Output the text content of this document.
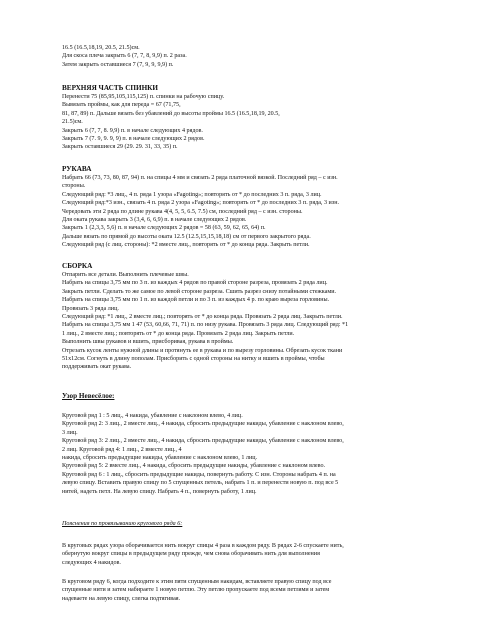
16.5 (16.5,18,19, 20.5, 21.5)см.

Для скоса плеча закрыть 6 (7, 7, 8, 9,9) п. 2 раза.

Затем закрыть оставшиеся 7 (7, 9, 9, 9,9) п.

ВЕРХНЯЯ ЧАСТЬ СПИНКИ

Перенести 75 (85,95,105,115,125) п. спинки на рабочую спицу.

Вывязать проймы, как для переда = 67 (71,75,

81, 87, 89) п. Дальше вязать без убавлений до высоты проймы 16.5 (16.5,18,19, 20.5,

21.5)см.

Закрыть 6 (7, 7, 8. 9,9) п. в начале следующих 4 рядов.

Закрыть 7 (7. 9, 9. 9, 9) п. в начале следующих 2 рядов.

Закрыть оставшиеся 29 (29. 29. 31, 33, 35) п.

РУКАВА

Набрать 66 (73, 73, 80, 87, 94) п. на спицы 4 мм и связать 2 ряда платочной вязкой. Последний ряд – с изн.

стороны.

Следующий ряд: *3 лиц., 4 п. ряда 1 узора «Fagoting»; повторять от * до последних 3 п. ряда, 3 лиц.

Следующий ряд:*3 изн., связать 4 п. ряда 2 узора «Fagoting»; повторять от * до последних 3 п. ряда, 3 изн.

Чередовать эти 2 ряда по длине рукава 4(4, 5, 5, 6.5, 7.5) см, последний ряд – с изн. стороны.

Для оката рукава закрыть 3 (3,4, 6, 6,9) п. в начале следующих 2 рядов.

Закрыть 1 (2,3,3, 5,6) п. в начале следующих 2 рядов = 58 (63, 59, 62, 65, 64) п.

Дальше вязать по прямой до высоты оката 12.5 (12.5,15,15,18,18) см от первого закрытого ряда.

Следующий ряд (с лиц. стороны): *2 вместе лиц., повторять от * до конца ряда. Закрыть петли.

СБОРКА

Отпарить все детали. Выполнить плечевые швы.

Набрать на спицы 3,75 мм по 3 п. из каждых 4 рядов по правой стороне разреза, провязать 2 ряда лиц.

Закрыть петли. Сделать то же самое по левой стороне разреза. Сшить разрез снизу потайными стежками.

Набрать на спицы 3,75 мм по 1 п. из каждой петли и по 3 п. из каждых 4 р. по краю выреза горловины.

Провязать 3 ряда лиц.

Следующий ряд: *1 лиц., 2 вместе лиц.; повторять от * до конца ряда. Провязать 2 ряда лиц. Закрыть петли.

Набрать на спицы 3,75 мм 1 47 (53, 60,66, 71, 71) п. по низу рукава. Провязать 3 ряда лиц. Следующий ряд: *1

1 лиц., 2 вместе лиц.; повторять от * до конца ряда. Провязать 2 ряда лиц. Закрыть петли.

Выполнить швы рукавов и вшить, присборивая, рукава в проймы.

Отрезать кусок ленты нужной длины и протянуть ее в рукава и по вырезу горловины. Обрезать кусок ткани

51х12см. Согнуть в длину пополам. Присборить с одной стороны на нитку и вшить в проймы, чтобы

поддерживать окат рукава.

Узор Невесёлое:

Круговой ряд 1 : 5 лиц., 4 накида, убавление с наклоном влево, 4 лиц.

Круговой ряд 2: 3 лиц., 2 вместе лиц., 4 накида, сбросить предыдущие накиды, убавление с наклоном влево,

3 лиц.

Круговой ряд 3: 2 лиц., 2 вместе лиц., 4 накида, сбросить предыдущие накиды, убавление с наклоном влево,

2 лиц. Круговой ряд 4: 1 лиц., 2 вместе лиц., 4

накида, сбросить предыдущие накиды, убавление с наклоном влево, 1 лиц.

Круговой ряд 5: 2 вместе лиц., 4 накида, сбросить предыдущие накиды, убавление с наклоном влево.

Круговой ряд 6 : 1 лиц., сбросить предыдущие накиды, повернуть работу. С изн. Стороны набрать 4 п. на

левую спицу. Вставить правую спицу по 5 спущенных петель, набрать 1 п. и перенести новую п. под все 5

нитей, надеть петл. На левую спицу. Набрать 4 п., повернуть работу, 1 лиц.

Пояснения по провязыванию кругового ряда 6:

В круговых рядах узора оборачивается нить вокруг спицы 4 раза в каждом ряду. В рядах 2-6 спускаете нить,

обернутую вокруг спицы в предыдущем ряду прежде, чем снова оборачивать нить для выполнения

следующих 4 накидов.

В круговом ряду 6, когда подходите к этим пяти спущенным накидам, вставляете правую спицу под все

спущенные нити и затем набираете 1 новую петлю. Эту петлю пропускаете под всеми петлями и затем

надеваете на левую спицу, слегка подтягивая.
